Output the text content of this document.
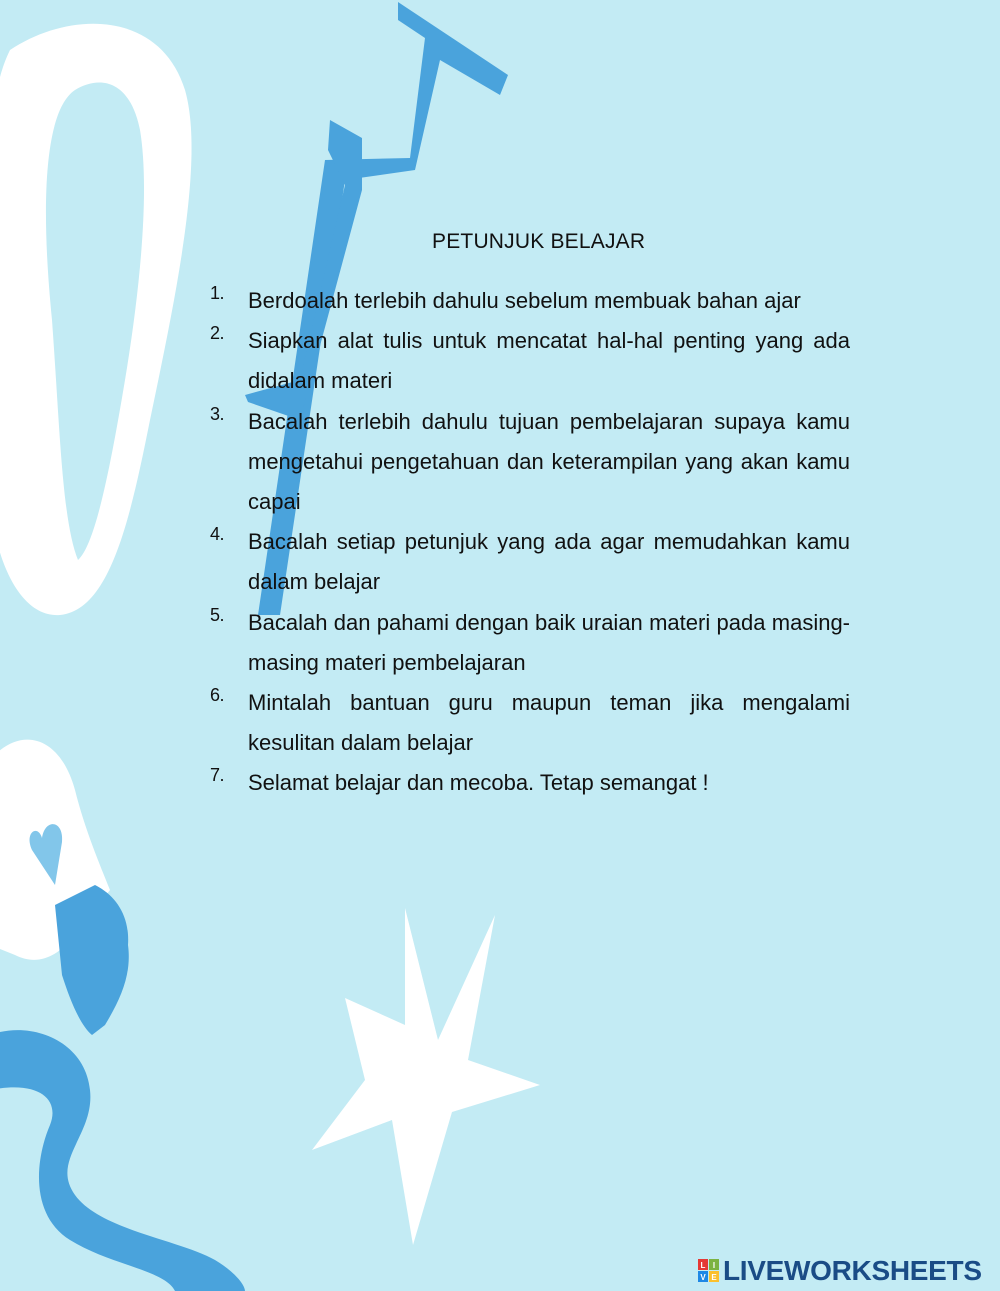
PETUNJUK BELAJAR
1.	Berdoalah terlebih dahulu sebelum membuak bahan ajar
2.	Siapkan alat tulis untuk mencatat hal-hal penting yang ada didalam materi
3.	Bacalah terlebih dahulu tujuan pembelajaran supaya kamu mengetahui pengetahuan dan keterampilan yang akan kamu capai
4.	Bacalah setiap petunjuk yang ada agar memudahkan kamu dalam belajar
5.	Bacalah dan pahami dengan baik uraian materi pada masing-masing materi pembelajaran
6.	Mintalah bantuan guru maupun teman jika mengalami kesulitan dalam belajar
7.	Selamat belajar dan mecoba. Tetap semangat !
L I
V E LIVEWORKSHEETS
